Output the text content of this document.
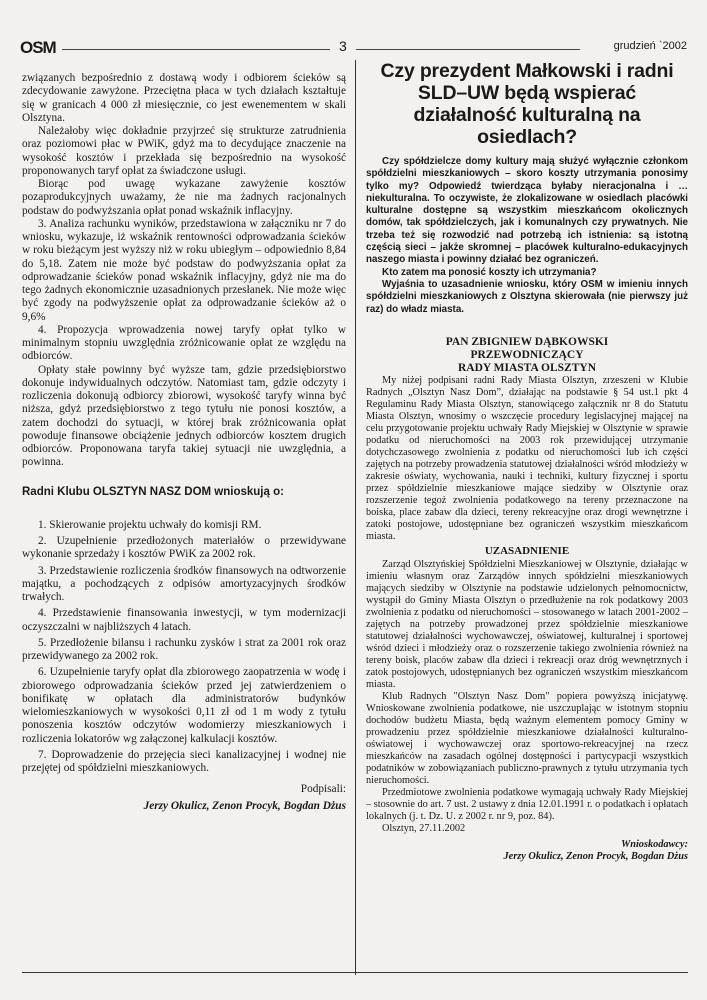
OSM	3	grudzień `2002

związanych bezpośrednio z dostawą wody i odbiorem ścieków są zdecydowanie zawyżone. Przeciętna płaca w tych działach kształtuje się w granicach 4 000 zł miesięcznie, co jest ewenementem w skali Olsztyna.

Należałoby więc dokładnie przyjrzeć się strukturze zatrudnienia oraz poziomowi płac w PWiK, gdyż ma to decydujące znaczenie na wysokość kosztów i przekłada się bezpośrednio na wysokość proponowanych taryf opłat za świadczone usługi.

Biorąc pod uwagę wykazane zawyżenie kosztów pozaprodukcyjnych uważamy, że nie ma żadnych racjonalnych podstaw do podwyższania opłat ponad wskaźnik inflacyjny.

3. Analiza rachunku wyników, przedstawiona w załączniku nr 7 do wniosku, wykazuje, iż wskaźnik rentowności odprowadzania ścieków w roku bieżącym jest wyższy niż w roku ubiegłym – odpowiednio 8,84 do 5,18. Zatem nie może być podstaw do podwyższania opłat za odprowadzanie ścieków ponad wskaźnik inflacyjny, gdyż nie ma do tego żadnych ekonomicznie uzasadnionych przesłanek. Nie może więc być zgody na podwyższenie opłat za odprowadzanie ścieków aż o 9,6%

4. Propozycja wprowadzenia nowej taryfy opłat tylko w minimalnym stopniu uwzględnia zróżnicowanie opłat ze względu na odbiorców.

Opłaty stałe powinny być wyższe tam, gdzie przedsiębiorstwo dokonuje indywidualnych odczytów. Natomiast tam, gdzie odczyty i rozliczenia dokonują odbiorcy zbiorowi, wysokość taryfy winna być niższa, gdyż przedsiębiorstwo z tego tytułu nie ponosi kosztów, a zatem dochodzi do sytuacji, w której brak zróżnicowania opłat powoduje finansowe obciążenie jednych odbiorców kosztem drugich odbiorców. Proponowana taryfa takiej sytuacji nie uwzględnia, a powinna.

Radni Klubu OLSZTYN NASZ DOM wnioskują o:

1. Skierowanie projektu uchwały do komisji RM.

2. Uzupełnienie przedłożonych materiałów o przewidywane wykonanie sprzedaży i kosztów PWiK za 2002 rok.

3. Przedstawienie rozliczenia środków finansowych na odtworzenie majątku, a pochodzących z odpisów amortyzacyjnych środków trwałych.

4. Przedstawienie finansowania inwestycji, w tym modernizacji oczyszczalni w najbliższych 4 latach.

5. Przedłożenie bilansu i rachunku zysków i strat za 2001 rok oraz przewidywanego za 2002 rok.

6. Uzupełnienie taryfy opłat dla zbiorowego zaopatrzenia w wodę i zbiorowego odprowadzania ścieków przed jej zatwierdzeniem o bonifikatę w opłatach dla administratorów budynków wielomieszkaniowych w wysokości 0,11 zł od 1 m wody z tytułu ponoszenia kosztów odczytów wodomierzy mieszkaniowych i rozliczenia lokatorów wg załączonej kalkulacji kosztów.

7. Doprowadzenie do przejęcia sieci kanalizacyjnej i wodnej nie przejętej od spółdzielni mieszkaniowych.

Podpisali:

Jerzy Okulicz, Zenon Procyk, Bogdan Dżus

Czy prezydent Małkowski i radni SLD–UW będą wspierać działalność kulturalną na osiedlach?

Czy spółdzielcze domy kultury mają służyć wyłącznie członkom spółdzielni mieszkaniowych – skoro koszty utrzymania ponosimy tylko my? Odpowiedź twierdząca byłaby nieracjonalna i … niekulturalna. To oczywiste, że zlokalizowane w osiedlach placówki kulturalne dostępne są wszystkim mieszkańcom okolicznych domów, tak spółdzielczych, jak i komunalnych czy prywatnych. Nie trzeba też się rozwodzić nad potrzebą ich istnienia: są istotną częścią sieci – jakże skromnej – placówek kulturalno-edukacyjnych naszego miasta i powinny działać bez ograniczeń.

Kto zatem ma ponosić koszty ich utrzymania?

Wyjaśnia to uzasadnienie wniosku, który OSM w imieniu innych spółdzielni mieszkaniowych z Olsztyna skierowała (nie pierwszy już raz) do władz miasta.

PAN ZBIGNIEW DĄBKOWSKI

PRZEWODNICZĄCY

RADY MIASTA OLSZTYN

My niżej podpisani radni Rady Miasta Olsztyn, zrzeszeni w Klubie Radnych „Olsztyn Nasz Dom”, działając na podstawie § 54 ust.1 pkt 4 Regulaminu Rady Miasta Olsztyn, stanowiącego załącznik nr 8 do Statutu Miasta Olsztyn, wnosimy o wszczęcie procedury legislacyjnej mającej na celu przygotowanie projektu uchwały Rady Miejskiej w Olsztynie w sprawie podatku od nieruchomości na 2003 rok przewidującej utrzymanie dotychczasowego zwolnienia z podatku od nieruchomości lub ich części zajętych na potrzeby prowadzenia statutowej działalności wśród młodzieży w zakresie oświaty, wychowania, nauki i techniki, kultury fizycznej i sportu przez spółdzielnie mieszkaniowe mające siedziby w Olsztynie oraz rozszerzenie tegoż zwolnienia podatkowego na tereny przeznaczone na boiska, place zabaw dla dzieci, tereny rekreacyjne oraz drogi wewnętrzne i zatoki postojowe, udostępniane bez ograniczeń wszystkim mieszkańcom miasta.

UZASADNIENIE

Zarząd Olsztyńskiej Spółdzielni Mieszkaniowej w Olsztynie, działając w imieniu własnym oraz Zarządów innych spółdzielni mieszkaniowych mających siedziby w Olsztynie na podstawie udzielonych pełnomocnictw, wystąpił do Gminy Miasta Olsztyn o przedłużenie na rok podatkowy 2003 zwolnienia z podatku od nieruchomości – stosowanego w latach 2001-2002 – zajętych na potrzeby prowadzonej przez spółdzielnie mieszkaniowe statutowej działalności wychowawczej, oświatowej, kulturalnej i sportowej wśród dzieci i młodzieży oraz o rozszerzenie takiego zwolnienia również na tereny boisk, placów zabaw dla dzieci i rekreacji oraz dróg wewnętrznych i zatok postojowych, udostępnianych bez ograniczeń wszystkim mieszkańcom miasta.

Klub Radnych "Olsztyn Nasz Dom" popiera powyższą inicjatywę. Wnioskowane zwolnienia podatkowe, nie uszczuplając w istotnym stopniu dochodów budżetu Miasta, będą ważnym elementem pomocy Gminy w prowadzeniu przez spółdzielnie mieszkaniowe działalności kulturalno-oświatowej i wychowawczej oraz sportowo-rekreacyjnej na rzecz mieszkańców na zasadach ogólnej dostępności i partycypacji wszystkich podatników w zobowiązaniach publiczno-prawnych z tytułu utrzymania tych nieruchomości.

Przedmiotowe zwolnienia podatkowe wymagają uchwały Rady Miejskiej – stosownie do art. 7 ust. 2 ustawy z dnia 12.01.1991 r. o podatkach i opłatach lokalnych (j. t. Dz. U. z 2002 r. nr 9, poz. 84).

Olsztyn, 27.11.2002

Wnioskodawcy:

Jerzy Okulicz, Zenon Procyk, Bogdan Dżus
